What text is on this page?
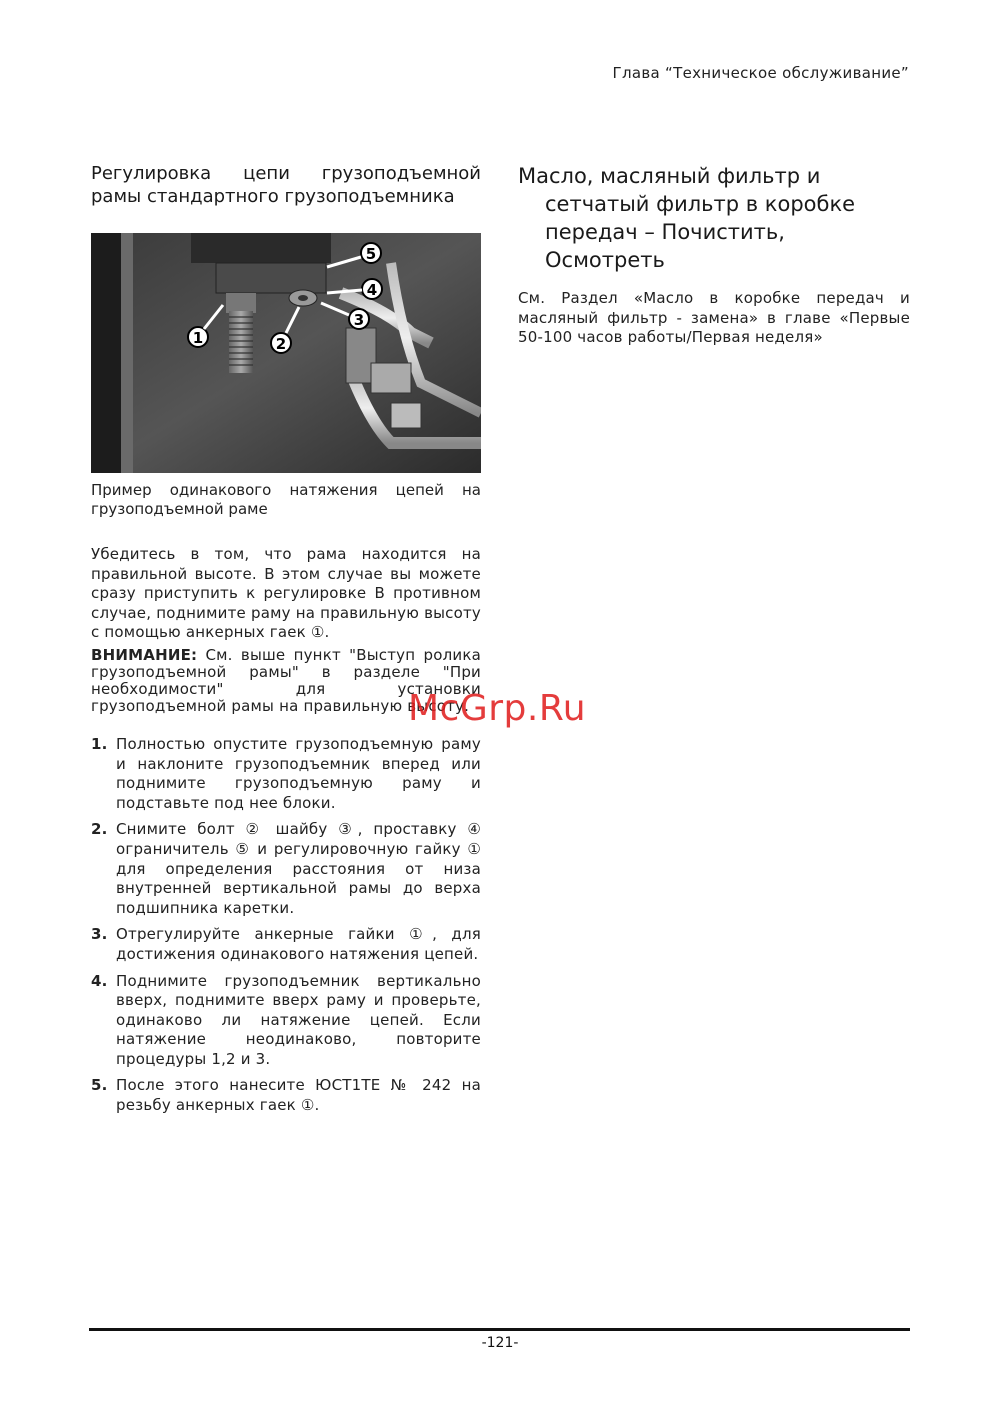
Глава “Техническое обслуживание”
Регулировка цепи грузоподъемной
рамы стандартного грузоподъемника
1	2
3
4
5
Пример одинакового натяжения цепей на грузоподъемной раме

Убедитесь в том, что рама находится на правильной высоте. В этом случае вы можете сразу приступить к регулировке В противном случае, поднимите раму на правильную высоту с помощью анкерных гаек ①.

ВНИМАНИЕ: См. выше пункт "Выступ ролика грузоподъемной рамы" в разделе "При необходимости" для установки грузоподъемной рамы на правильную высоту.

1. Полностью опустите грузоподъемную раму и наклоните грузоподъемник вперед или поднимите грузоподъемную раму и подставьте под нее блоки.
2. Снимите болт ② шайбу ③, проставку ④ ограничитель ⑤ и регулировочную гайку ① для определения расстояния от низа внутренней вертикальной рамы до верха подшипника каретки.
3. Отрегулируйте анкерные гайки ①, для достижения одинакового натяжения цепей.
4. Поднимите грузоподъемник вертикально вверх, поднимите вверх раму и проверьте, одинаково ли натяжение цепей. Если натяжение неодинаково, повторите процедуры 1,2 и 3.
5. После этого нанесите ЮСТ1ТЕ № 242 на резьбу анкерных гаек ①.
Масло, масляный фильтр и сетчатый фильтр в коробке передач – Почистить, Осмотреть

См. Раздел «Масло в коробке передач и масляный фильтр - замена» в главе «Первые 50-100 часов работы/Первая неделя»

McGrp.Ru
-121-
